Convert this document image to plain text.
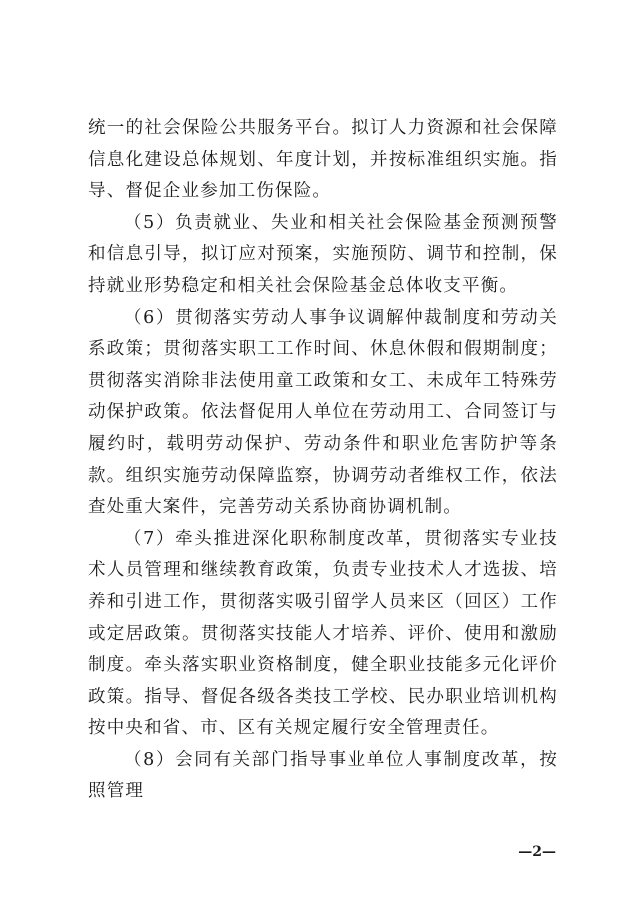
统一的社会保险公共服务平台。拟订人力资源和社会保障信息化建设总体规划、年度计划，并按标准组织实施。指导、督促企业参加工伤保险。

（5）负责就业、失业和相关社会保险基金预测预警和信息引导，拟订应对预案，实施预防、调节和控制，保持就业形势稳定和相关社会保险基金总体收支平衡。

（6）贯彻落实劳动人事争议调解仲裁制度和劳动关系政策；贯彻落实职工工作时间、休息休假和假期制度；贯彻落实消除非法使用童工政策和女工、未成年工特殊劳动保护政策。依法督促用人单位在劳动用工、合同签订与履约时，载明劳动保护、劳动条件和职业危害防护等条款。组织实施劳动保障监察，协调劳动者维权工作，依法查处重大案件，完善劳动关系协商协调机制。

（7）牵头推进深化职称制度改革，贯彻落实专业技术人员管理和继续教育政策，负责专业技术人才选拔、培养和引进工作，贯彻落实吸引留学人员来区（回区）工作或定居政策。贯彻落实技能人才培养、评价、使用和激励制度。牵头落实职业资格制度，健全职业技能多元化评价政策。指导、督促各级各类技工学校、民办职业培训机构按中央和省、市、区有关规定履行安全管理责任。

（8）会同有关部门指导事业单位人事制度改革，按照管理

—2—
